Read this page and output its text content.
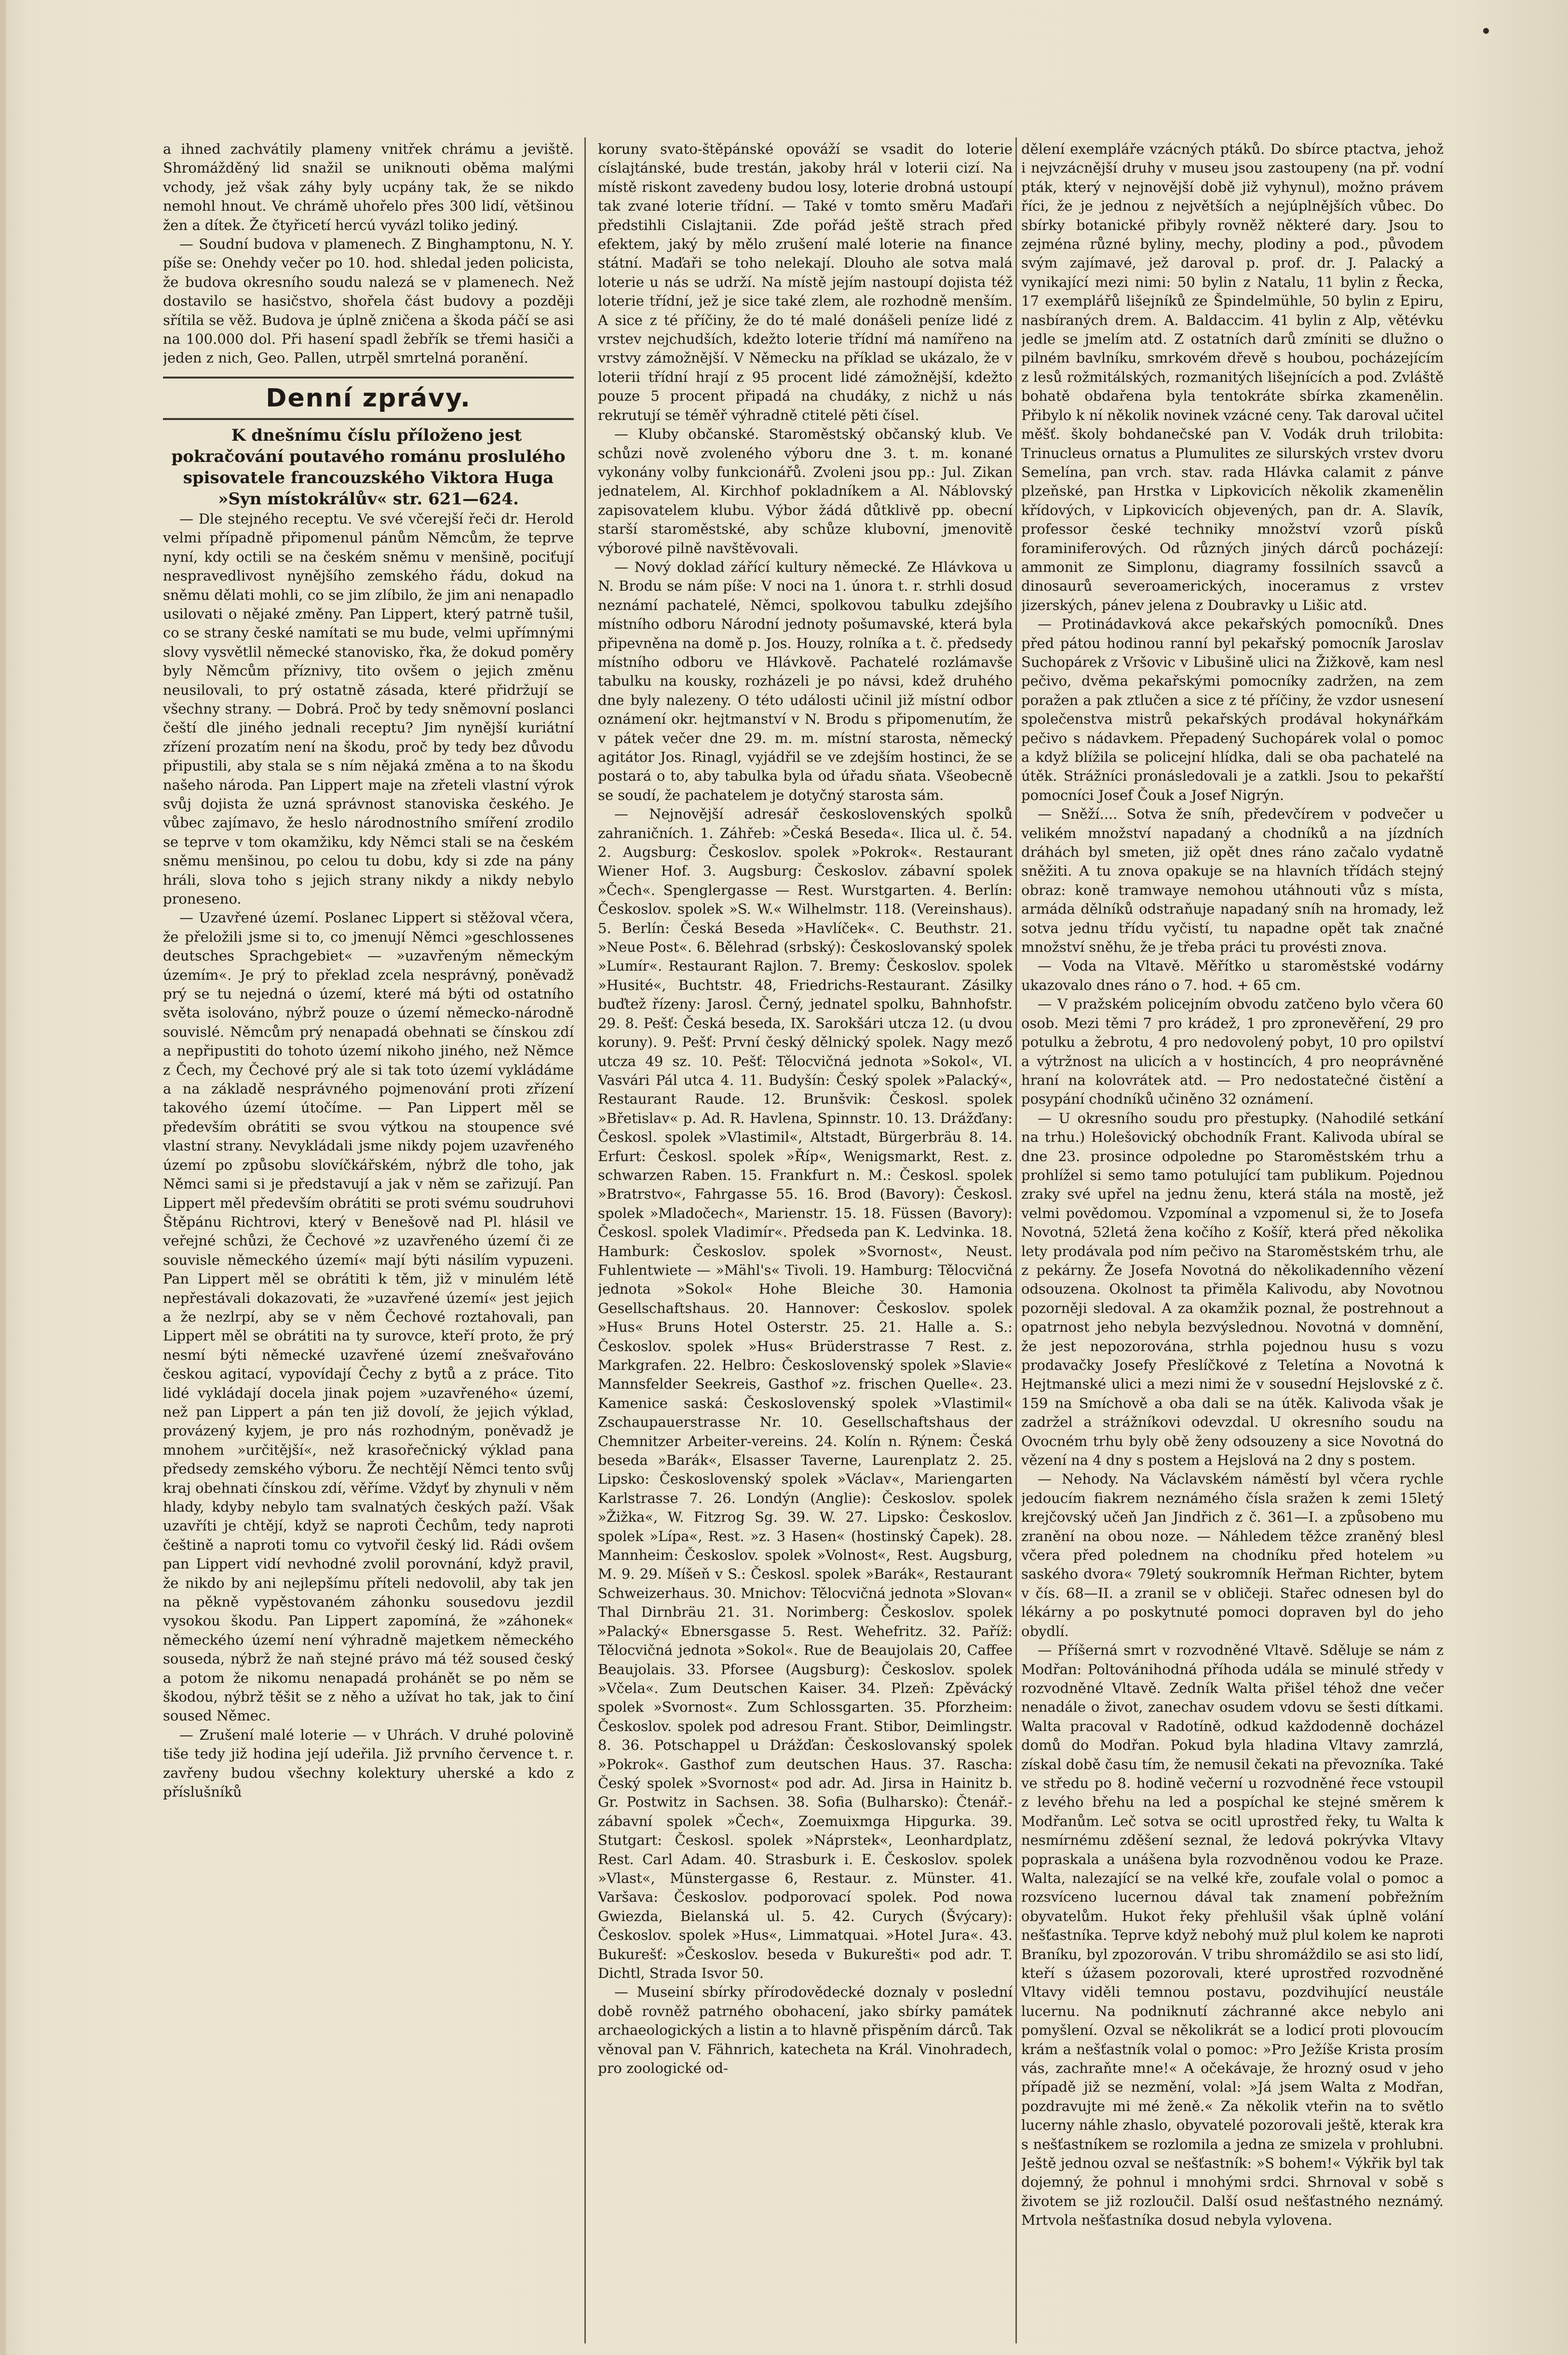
a ihned zachvátily plameny vnitřek chrámu a jeviště. Shromážděný lid snažil se uniknouti oběma malými vchody, jež však záhy byly ucpány tak, že se nikdo nemohl hnout. Ve chrámě uhořelo přes 300 lidí, většinou žen a dítek. Že čtyřicetí hercú vyvázl toliko jediný.

— Soudní budova v plamenech. Z Binghamptonu, N. Y. píše se: Onehdy večer po 10. hod. shledal jeden policista, že budova okresního soudu nalezá se v plamenech. Než dostavilo se hasičstvo, shořela část budovy a později sřítila se věž. Budova je úplně zničena a škoda páčí se asi na 100.000 dol. Při hasení spadl žebřík se třemi hasiči a jeden z nich, Geo. Pallen, utrpěl smrtelná poranění.

Denní zprávy.

K dnešnímu číslu příloženo jest pokračování poutavého románu proslulého spisovatele francouzského Viktora Huga »Syn místokrálův« str. 621—624.

— Dle stejného receptu. Ve své včerejší řeči dr. Herold velmi případně připomenul pánům Němcům, že teprve nyní, kdy octili se na českém sněmu v menšině, pociťují nespravedlivost nynějšího zemského řádu, dokud na sněmu dělati mohli, co se jim zlíbilo, že jim ani nenapadlo usilovati o nějaké změny. Pan Lippert, který patrně tušil, co se strany české namítati se mu bude, velmi upřímnými slovy vysvětlil německé stanovisko, řka, že dokud poměry byly Němcům příznivy, tito ovšem o jejich změnu neusilovali, to prý ostatně zásada, které přidržují se všechny strany. — Dobrá. Proč by tedy sněmovní poslanci čeští dle jiného jednali receptu? Jim nynější kuriátní zřízení prozatím není na škodu, proč by tedy bez důvodu připustili, aby stala se s ním nějaká změna a to na škodu našeho národa. Pan Lippert maje na zřeteli vlastní výrok svůj dojista že uzná správnost stanoviska českého. Je vůbec zajímavo, že heslo národnostního smíření zrodilo se teprve v tom okamžiku, kdy Němci stali se na českém sněmu menšinou, po celou tu dobu, kdy si zde na pány hráli, slova toho s jejich strany nikdy a nikdy nebylo proneseno.

— Uzavřené území. Poslanec Lippert si stěžoval včera, že přeložili jsme si to, co jmenují Němci »geschlossenes deutsches Sprachgebiet« — »uzavřeným německým územím«. Je prý to překlad zcela nesprávný, poněvadž prý se tu nejedná o území, které má býti od ostatního světa isolováno, nýbrž pouze o území německo-národně souvislé. Němcům prý nenapadá obehnati se čínskou zdí a nepřipustiti do tohoto území nikoho jiného, než Němce z Čech, my Čechové prý ale si tak toto území vykládáme a na základě nesprávného pojmenování proti zřízení takového území útočíme. — Pan Lippert měl se především obrátiti se svou výtkou na stoupence své vlastní strany. Nevykládali jsme nikdy pojem uzavřeného území po způsobu slovíčkářském, nýbrž dle toho, jak Němci sami si je představují a jak v něm se zařizují. Pan Lippert měl především obrátiti se proti svému soudruhovi Štěpánu Richtrovi, který v Benešově nad Pl. hlásil ve veřejné schůzi, že Čechové »z uzavřeného území či ze souvisle německého území« mají býti násilím vypuzeni. Pan Lippert měl se obrátiti k těm, již v minulém létě nepřestávali dokazovati, že »uzavřené území« jest jejich a že nezlrpí, aby se v něm Čechové roztahovali, pan Lippert měl se obrátiti na ty surovce, kteří proto, že prý nesmí býti německé uzavřené území znešvařováno českou agitací, vypovídají Čechy z bytů a z práce. Tito lidé vykládají docela jinak pojem »uzavřeného« území, než pan Lippert a pán ten již dovolí, že jejich výklad, provázený kyjem, je pro nás rozhodným, poněvadž je mnohem »určitější«, než krasořečnický výklad pana předsedy zemského výboru. Že nechtějí Němci tento svůj kraj obehnati čínskou zdí, věříme. Vždyť by zhynuli v něm hlady, kdyby nebylo tam svalnatých českých paží. Však uzavříti je chtějí, když se naproti Čechům, tedy naproti češtině a naproti tomu co vytvořil český lid. Rádi ovšem pan Lippert vidí nevhodné zvolil porovnání, když pravil, že nikdo by ani nejlepšímu příteli nedovolil, aby tak jen na pěkně vypěstovaném záhonku sousedovu jezdil vysokou škodu. Pan Lippert zapomíná, že »záhonek« německého území není výhradně majetkem německého souseda, nýbrž že naň stejné právo má též soused český a potom že nikomu nenapadá prohánět se po něm se škodou, nýbrž těšit se z něho a užívat ho tak, jak to činí soused Němec.

— Zrušení malé loterie — v Uhrách. V druhé polovině tiše tedy již hodina její udeřila. Již prvního července t. r. zavřeny budou všechny kolektury uherské a kdo z příslušníků

koruny svato-štěpánské opováží se vsadit do loterie císlajtánské, bude trestán, jakoby hrál v loterii cizí. Na místě riskont zavedeny budou losy, loterie drobná ustoupí tak zvané loterie třídní. — Také v tomto směru Maďaři předstihli Cislajtanii. Zde pořád ještě strach před efektem, jaký by mělo zrušení malé loterie na finance státní. Maďaři se toho nelekají. Dlouho ale sotva malá loterie u nás se udrží. Na místě jejím nastoupí dojista též loterie třídní, jež je sice také zlem, ale rozhodně menším. A sice z té příčiny, že do té malé donášeli peníze lidé z vrstev nejchudších, kdežto loterie třídní má namířeno na vrstvy zámožnější. V Německu na příklad se ukázalo, že v loterii třídní hrají z 95 procent lidé zámožnější, kdežto pouze 5 procent připadá na chudáky, z nichž u nás rekrutují se téměř výhradně ctitelé pěti čísel.

— Kluby občanské. Staroměstský občanský klub. Ve schůzi nově zvoleného výboru dne 3. t. m. konané vykonány volby funkcionářů. Zvoleni jsou pp.: Jul. Zikan jednatelem, Al. Kirchhof pokladníkem a Al. Náblovský zapisovatelem klubu. Výbor žádá důtklivě pp. obecní starší staroměstské, aby schůze klubovní, jmenovitě výborové pilně navštěvovali.

— Nový doklad zářící kultury německé. Ze Hlávkova u N. Brodu se nám píše: V noci na 1. února t. r. strhli dosud neznámí pachatelé, Němci, spolkovou tabulku zdejšího místního odboru Národní jednoty pošumavské, která byla připevněna na domě p. Jos. Houzy, rolníka a t. č. předsedy místního odboru ve Hlávkově. Pachatelé rozlámavše tabulku na kousky, rozházeli je po návsi, kdež druhého dne byly nalezeny. O této události učinil již místní odbor oznámení okr. hejtmanství v N. Brodu s připomenutím, že v pátek večer dne 29. m. m. místní starosta, německý agitátor Jos. Rinagl, vyjádřil se ve zdejším hostinci, že se postará o to, aby tabulka byla od úřadu sňata. Všeobecně se soudí, že pachatelem je dotyčný starosta sám.

— Nejnovější adresář československých spolků zahraničních. 1. Záhřeb: »Česká Beseda«. Ilica ul. č. 54. 2. Augsburg: Českoslov. spolek »Pokrok«. Restaurant Wiener Hof. 3. Augsburg: Českoslov. zábavní spolek »Čech«. Spenglergasse — Rest. Wurstgarten. 4. Berlín: Českoslov. spolek »S. W.« Wilhelmstr. 118. (Vereinshaus). 5. Berlín: Česká Beseda »Havlíček«. C. Beuthstr. 21. »Neue Post«. 6. Bělehrad (srbský): Českoslovanský spolek »Lumír«. Restaurant Rajlon. 7. Bremy: Českoslov. spolek »Husité«, Buchtstr. 48, Friedrichs-Restaurant. Zásilky buďtež řízeny: Jarosl. Černý, jednatel spolku, Bahnhofstr. 29. 8. Pešť: Česká beseda, IX. Sarokšári utcza 12. (u dvou koruny). 9. Pešť: První český dělnický spolek. Nagy mező utcza 49 sz. 10. Pešť: Tělocvičná jednota »Sokol«, VI. Vasvári Pál utca 4. 11. Budyšín: Český spolek »Palacký«, Restaurant Raude. 12. Brunšvik: Českosl. spolek »Břetislav« p. Ad. R. Havlena, Spinnstr. 10. 13. Drážďany: Českosl. spolek »Vlastimil«, Altstadt, Bürgerbräu 8. 14. Erfurt: Českosl. spolek »Říp«, Wenigsmarkt, Rest. z. schwarzen Raben. 15. Frankfurt n. M.: Českosl. spolek »Bratrstvo«, Fahrgasse 55. 16. Brod (Bavory): Českosl. spolek »Mladočech«, Marienstr. 15. 18. Füssen (Bavory): Českosl. spolek Vladimír«. Předseda pan K. Ledvinka. 18. Hamburk: Českoslov. spolek »Svornost«, Neust. Fuhlentwiete — »Mähl's« Tivoli. 19. Hamburg: Tělocvičná jednota »Sokol« Hohe Bleiche 30. Hamonia Gesellschaftshaus. 20. Hannover: Českoslov. spolek »Hus« Bruns Hotel Osterstr. 25. 21. Halle a. S.: Českoslov. spolek »Hus« Brüderstrasse 7 Rest. z. Markgrafen. 22. Helbro: Československý spolek »Slavie« Mannsfelder Seekreis, Gasthof »z. frischen Quelle«. 23. Kamenice saská: Československý spolek »Vlastimil« Zschaupauerstrasse Nr. 10. Gesellschaftshaus der Chemnitzer Arbeiter-vereins. 24. Kolín n. Rýnem: Česká beseda »Barák«, Elsasser Taverne, Laurenplatz 2. 25. Lipsko: Československý spolek »Václav«, Mariengarten Karlstrasse 7. 26. Londýn (Anglie): Českoslov. spolek »Žižka«, W. Fitzrog Sg. 39. W. 27. Lipsko: Českoslov. spolek »Lípa«, Rest. »z. 3 Hasen« (hostinský Čapek). 28. Mannheim: Českoslov. spolek »Volnost«, Rest. Augsburg, M. 9. 29. Míšeň v S.: Českosl. spolek »Barák«, Restaurant Schweizerhaus. 30. Mnichov: Tělocvičná jednota »Slovan« Thal Dirnbräu 21. 31. Norimberg: Českoslov. spolek »Palacký« Ebnersgasse 5. Rest. Wehefritz. 32. Paříž: Tělocvičná jednota »Sokol«. Rue de Beaujolais 20, Caffee Beaujolais. 33. Pforsee (Augsburg): Českoslov. spolek »Včela«. Zum Deutschen Kaiser. 34. Plzeň: Zpěvácký spolek »Svornost«. Zum Schlossgarten. 35. Pforzheim: Českoslov. spolek pod adresou Frant. Stibor, Deimlingstr. 8. 36. Potschappel u Drážďan: Českoslovanský spolek »Pokrok«. Gasthof zum deutschen Haus. 37. Rascha: Český spolek »Svornost« pod adr. Ad. Jirsa in Hainitz b. Gr. Postwitz in Sachsen. 38. Sofia (Bulharsko): Čtenář.-zábavní spolek »Čech«, Zoemuixmga Hipgurka. 39. Stutgart: Českosl. spolek »Náprstek«, Leonhardplatz, Rest. Carl Adam. 40. Strasburk i. E. Českoslov. spolek »Vlast«, Münstergasse 6, Restaur. z. Münster. 41. Varšava: Českoslov. podporovací spolek. Pod nowa Gwiezda, Bielanská ul. 5. 42. Curych (Švýcary): Českoslov. spolek »Hus«, Limmatquai. »Hotel Jura«. 43. Bukurešť: »Českoslov. beseda v Bukurešti« pod adr. T. Dichtl, Strada Isvor 50.

— Museiní sbírky přírodovědecké doznaly v poslední době rovněž patrného obohacení, jako sbírky památek archaeologických a listin a to hlavně přispěním dárců. Tak věnoval pan V. Fähnrich, katecheta na Král. Vinohradech, pro zoologické od-

dělení exempláře vzácných ptáků. Do sbírce ptactva, jehož i nejvzácnější druhy v museu jsou zastoupeny (na př. vodní pták, který v nejnovější době již vyhynul), možno právem říci, že je jednou z největších a nejúplnějších vůbec. Do sbírky botanické přibyly rovněž některé dary. Jsou to zejména různé byliny, mechy, plodiny a pod., původem svým zajímavé, jež daroval p. prof. dr. J. Palacký a vynikající mezi nimi: 50 bylin z Natalu, 11 bylin z Řecka, 17 exemplářů lišejníků ze Špindelmühle, 50 bylin z Epiru, nasbíraných drem. A. Baldaccim. 41 bylin z Alp, větévku jedle se jmelím atd. Z ostatních darů zmíniti se dlužno o pilném bavlníku, smrkovém dřevě s houbou, pocházejícím z lesů rožmitálských, rozmanitých lišejnících a pod. Zvláště bohatě obdařena byla tentokráte sbírka zkamenělin. Přibylo k ní několik novinek vzácné ceny. Tak daroval učitel měšť. školy bohdanečské pan V. Vodák druh trilobita: Trinucleus ornatus a Plumulites ze silurských vrstev dvoru Semelína, pan vrch. stav. rada Hlávka calamit z pánve plzeňské, pan Hrstka v Lipkovicích několik zkamenělin křídových, v Lipkovicích objevených, pan dr. A. Slavík, professor české techniky množství vzorů písků foraminiferových. Od různých jiných dárců pocházejí: ammonit ze Simplonu, diagramy fossilních ssavců a dinosaurů severoamerických, inoceramus z vrstev jizerských, pánev jelena z Doubravky u Lišic atd.

— Protinádavková akce pekařských pomocníků. Dnes před pátou hodinou ranní byl pekařský pomocník Jaroslav Suchopárek z Vršovic v Libušině ulici na Žižkově, kam nesl pečivo, dvěma pekařskými pomocníky zadržen, na zem poražen a pak ztlučen a sice z té příčiny, že vzdor usnesení společenstva mistrů pekařských prodával hokynářkám pečivo s nádavkem. Přepadený Suchopárek volal o pomoc a když blížila se policejní hlídka, dali se oba pachatelé na útěk. Strážníci pronásledovali je a zatkli. Jsou to pekařští pomocníci Josef Čouk a Josef Nigrýn.

— Sněží.... Sotva že sníh, předevčírem v podvečer u velikém množství napadaný a chodníků a na jízdních dráhách byl smeten, již opět dnes ráno začalo vydatně sněžiti. A tu znova opakuje se na hlavních třídách stejný obraz: koně tramwaye nemohou utáhnouti vůz s místa, armáda dělníků odstraňuje napadaný sníh na hromady, lež sotva jednu třídu vyčistí, tu napadne opět tak značné množství sněhu, že je třeba práci tu provésti znova.

— Voda na Vltavě. Měřítko u staroměstské vodárny ukazovalo dnes ráno o 7. hod. + 65 cm.

— V pražském policejním obvodu zatčeno bylo včera 60 osob. Mezi těmi 7 pro krádež, 1 pro zpronevěření, 29 pro potulku a žebrotu, 4 pro nedovolený pobyt, 10 pro opilství a výtržnost na ulicích a v hostincích, 4 pro neoprávněné hraní na kolovrátek atd. — Pro nedostatečné čistění a posypání chodníků učiněno 32 oznámení.

— U okresního soudu pro přestupky. (Nahodilé setkání na trhu.) Holešovický obchodník Frant. Kalivoda ubíral se dne 23. prosince odpoledne po Staroměstském trhu a prohlížel si semo tamo potulující tam publikum. Pojednou zraky své upřel na jednu ženu, která stála na mostě, jež velmi povědomou. Vzpomínal a vzpomenul si, že to Josefa Novotná, 52letá žena kočího z Košíř, která před několika lety prodávala pod ním pečivo na Staroměstském trhu, ale z pekárny. Že Josefa Novotná do několikadenního vězení odsouzena. Okolnost ta přiměla Kalivodu, aby Novotnou pozorněji sledoval. A za okamžik poznal, že postrehnout a opatrnost jeho nebyla bezvýslednou. Novotná v domnění, že jest nepozorována, strhla pojednou husu s vozu prodavačky Josefy Přeslíčkové z Teletína a Novotná k Hejtmanské ulici a mezi nimi že v sousední Hejslovské z č. 159 na Smíchově a oba dali se na útěk. Kalivoda však je zadržel a strážníkovi odevzdal. U okresního soudu na Ovocném trhu byly obě ženy odsouzeny a sice Novotná do vězení na 4 dny s postem a Hejslová na 2 dny s postem.

— Nehody. Na Václavském náměstí byl včera rychle jedoucím fiakrem neznámého čísla sražen k zemi 15letý krejčovský učeň Jan Jindřich z č. 361—I. a způsobeno mu zranění na obou noze. — Náhledem těžce zraněný blesl včera před polednem na chodníku před hotelem »u saského dvora« 79letý soukromník Heřman Richter, bytem v čís. 68—II. a zranil se v obličeji. Stařec odnesen byl do lékárny a po poskytnuté pomoci dopraven byl do jeho obydlí.

— Příšerná smrt v rozvodněné Vltavě. Sděluje se nám z Modřan: Poltovánihodná příhoda udála se minulé středy v rozvodněné Vltavě. Zedník Walta přišel téhož dne večer nenadále o život, zanechav osudem vdovu se šesti dítkami. Walta pracoval v Radotíně, odkud každodenně docházel domů do Modřan. Pokud byla hladina Vltavy zamrzlá, získal době času tím, že nemusil čekati na převozníka. Také ve středu po 8. hodině večerní u rozvodněné řece vstoupil z levého břehu na led a pospíchal ke stejné směrem k Modřanům. Leč sotva se ocitl uprostřed řeky, tu Walta k nesmírnému zděšení seznal, že ledová pokrývka Vltavy popraskala a unášena byla rozvodněnou vodou ke Praze. Walta, nalezající se na velké kře, zoufale volal o pomoc a rozsvíceno lucernou dával tak znamení pobřežním obyvatelům. Hukot řeky přehlušil však úplně volání nešťastníka. Teprve když nebohý muž plul kolem ke naproti Braníku, byl zpozorován. V tribu shromáždilo se asi sto lidí, kteří s úžasem pozorovali, které uprostřed rozvodněné Vltavy viděli temnou postavu, pozdvihující neustále lucernu. Na podniknutí záchranné akce nebylo ani pomyšlení. Ozval se několikrát se a lodicí proti plovoucím krám a nešťastník volal o pomoc: »Pro Ježíše Krista prosím vás, zachraňte mne!« A očekávaje, že hrozný osud v jeho případě již se nezmění, volal: »Já jsem Walta z Modřan, pozdravujte mi mé ženě.« Za několik vteřin na to světlo lucerny náhle zhaslo, obyvatelé pozorovali ještě, kterak kra s nešťastníkem se rozlomila a jedna ze smizela v prohlubni. Ještě jednou ozval se nešťastník: »S bohem!« Výkřik byl tak dojemný, že pohnul i mnohými srdci. Shrnoval v sobě s životem se již rozloučil. Další osud nešťastného neznámý. Mrtvola nešťastníka dosud nebyla vylovena.
